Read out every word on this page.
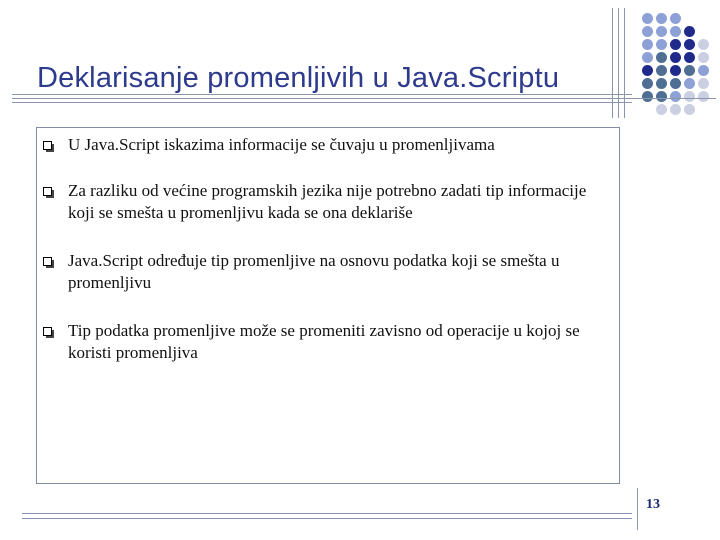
Deklarisanje promenljivih u Java.Scriptu
U Java.Script iskazima informacije se čuvaju u promenljivama
Za razliku od većine programskih jezika nije potrebno zadati tip informacije koji se smešta u promenljivu kada se ona deklariše
Java.Script određuje tip promenljive na osnovu podatka koji se smešta u promenljivu
Tip podatka promenljive može se promeniti zavisno od operacije u kojoj se koristi promenljiva
13
